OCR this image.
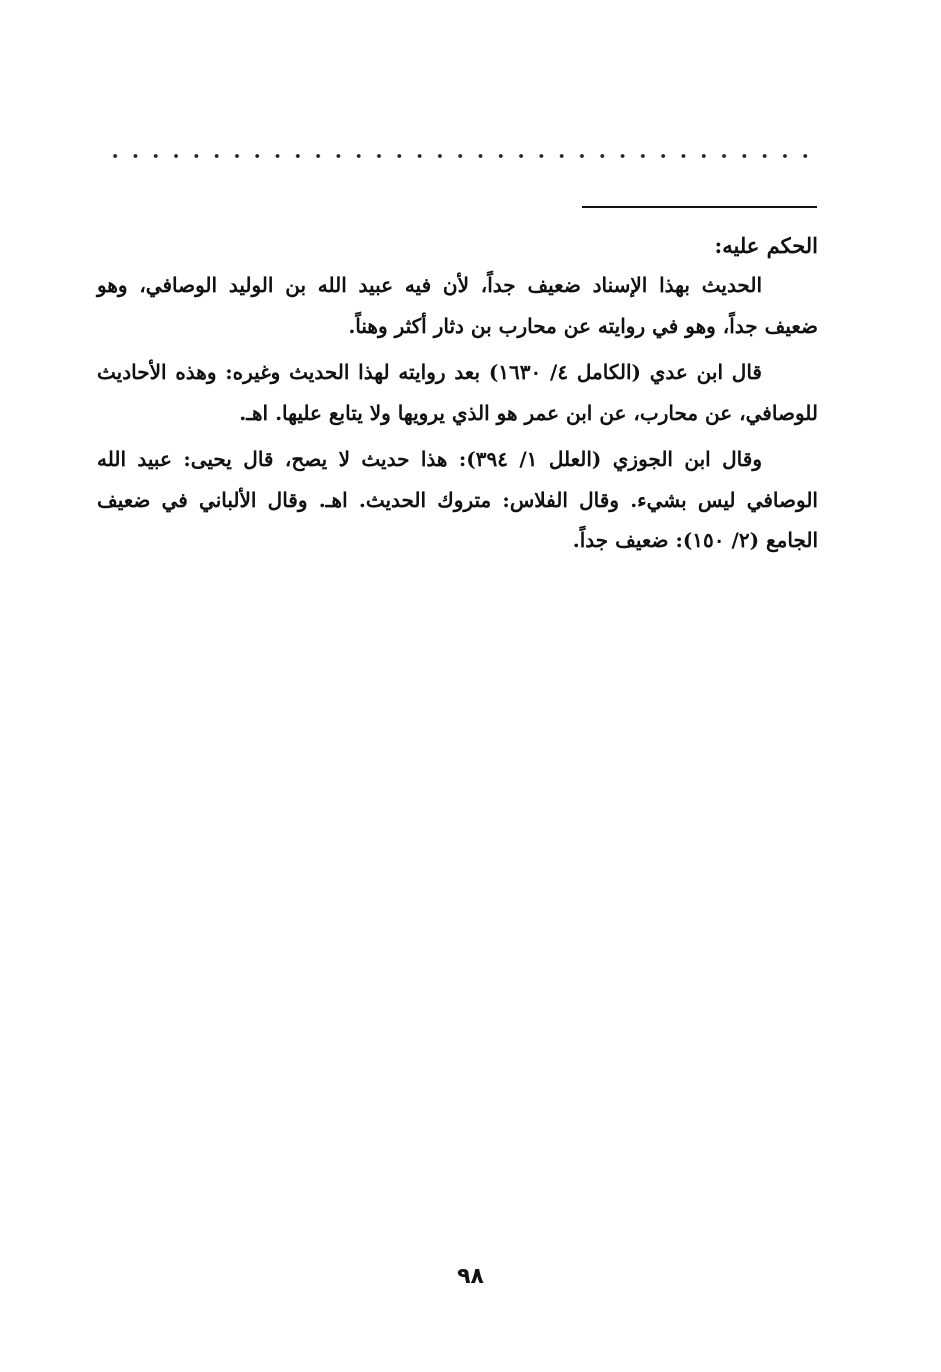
الحكم عليه:

الحديث بهذا الإسناد ضعيف جداً، لأن فيه عبيد الله بن الوليد الوصافي، وهو ضعيف جداً، وهو في روايته عن محارب بن دثار أكثر وهناً.

قال ابن عدي (الكامل ٤/ ١٦٣٠) بعد روايته لهذا الحديث وغيره: وهذه الأحاديث للوصافي، عن محارب، عن ابن عمر هو الذي يرويها ولا يتابع عليها. اهـ.

وقال ابن الجوزي (العلل ١/ ٣٩٤): هذا حديث لا يصح، قال يحيى: عبيد الله الوصافي ليس بشيء. وقال الفلاس: متروك الحديث. اهـ. وقال الألباني في ضعيف الجامع (٢/ ١٥٠): ضعيف جداً.

٩٨
